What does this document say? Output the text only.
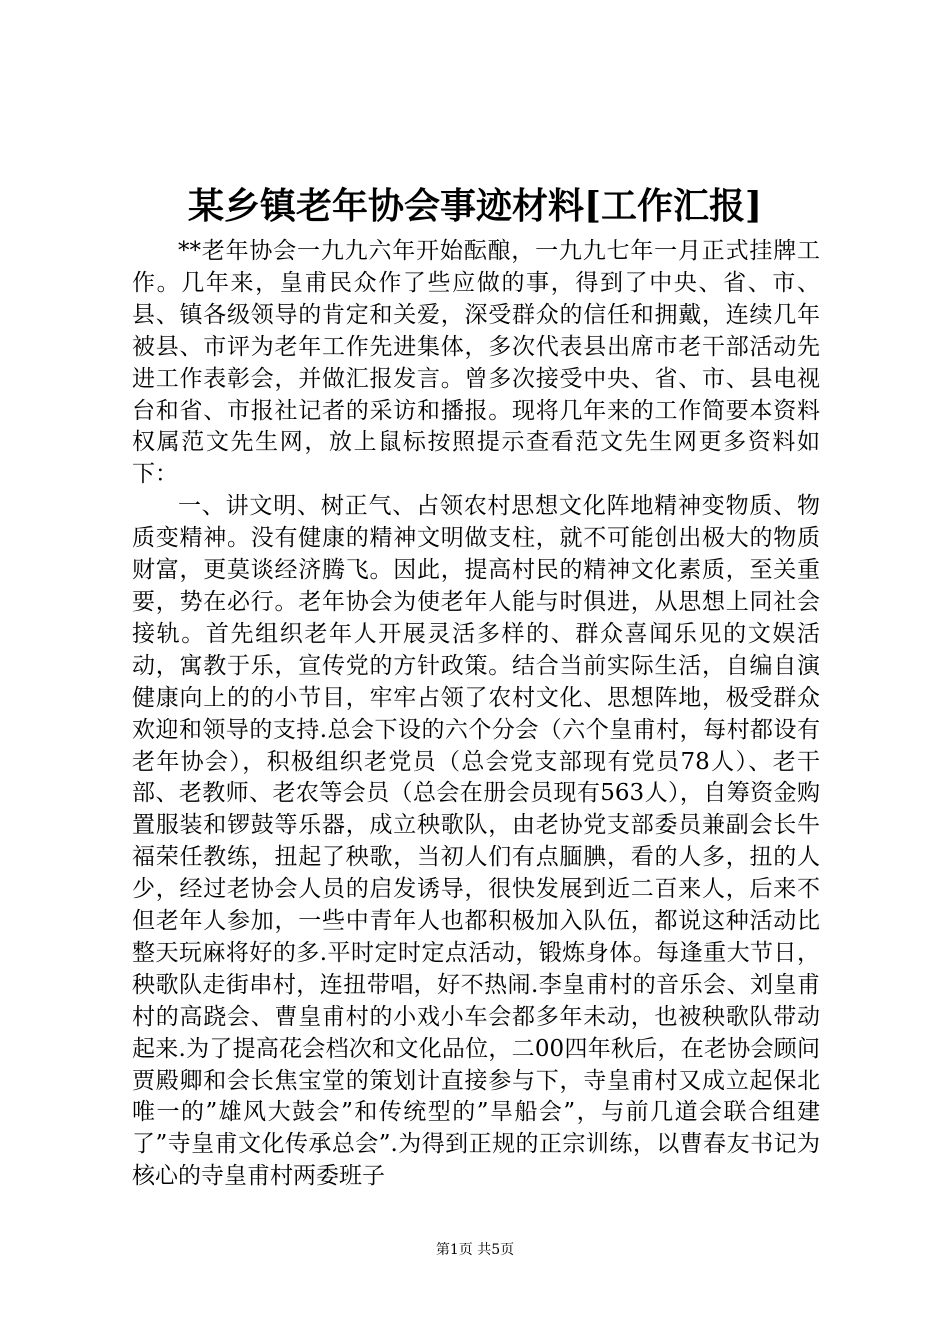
某乡镇老年协会事迹材料[工作汇报]

**老年协会一九九六年开始酝酿，一九九七年一月正式挂牌工作。几年来，皇甫民众作了些应做的事，得到了中央、省、市、县、镇各级领导的肯定和关爱，深受群众的信任和拥戴，连续几年被县、市评为老年工作先进集体，多次代表县出席市老干部活动先进工作表彰会，并做汇报发言。曾多次接受中央、省、市、县电视台和省、市报社记者的采访和播报。现将几年来的工作简要本资料权属范文先生网，放上鼠标按照提示查看范文先生网更多资料如下：

一、讲文明、树正气、占领农村思想文化阵地精神变物质、物质变精神。没有健康的精神文明做支柱，就不可能创出极大的物质财富，更莫谈经济腾飞。因此，提高村民的精神文化素质，至关重要，势在必行。老年协会为使老年人能与时俱进，从思想上同社会接轨。首先组织老年人开展灵活多样的、群众喜闻乐见的文娱活动，寓教于乐，宣传党的方针政策。结合当前实际生活，自编自演健康向上的的小节目，牢牢占领了农村文化、思想阵地，极受群众欢迎和领导的支持.总会下设的六个分会（六个皇甫村，每村都设有老年协会），积极组织老党员（总会党支部现有党员78人）、老干部、老教师、老农等会员（总会在册会员现有563人），自筹资金购置服装和锣鼓等乐器，成立秧歌队，由老协党支部委员兼副会长牛福荣任教练，扭起了秧歌，当初人们有点腼腆，看的人多，扭的人少，经过老协会人员的启发诱导，很快发展到近二百来人，后来不但老年人参加，一些中青年人也都积极加入队伍，都说这种活动比整天玩麻将好的多.平时定时定点活动，锻炼身体。每逢重大节日，秧歌队走街串村，连扭带唱，好不热闹.李皇甫村的音乐会、刘皇甫村的高跷会、曹皇甫村的小戏小车会都多年未动，也被秧歌队带动起来.为了提高花会档次和文化品位，二00四年秋后，在老协会顾问贾殿卿和会长焦宝堂的策划计直接参与下，寺皇甫村又成立起保北唯一的”雄风大鼓会”和传统型的”旱船会”，与前几道会联合组建了”寺皇甫文化传承总会”.为得到正规的正宗训练，以曹春友书记为核心的寺皇甫村两委班子

第1页 共5页
